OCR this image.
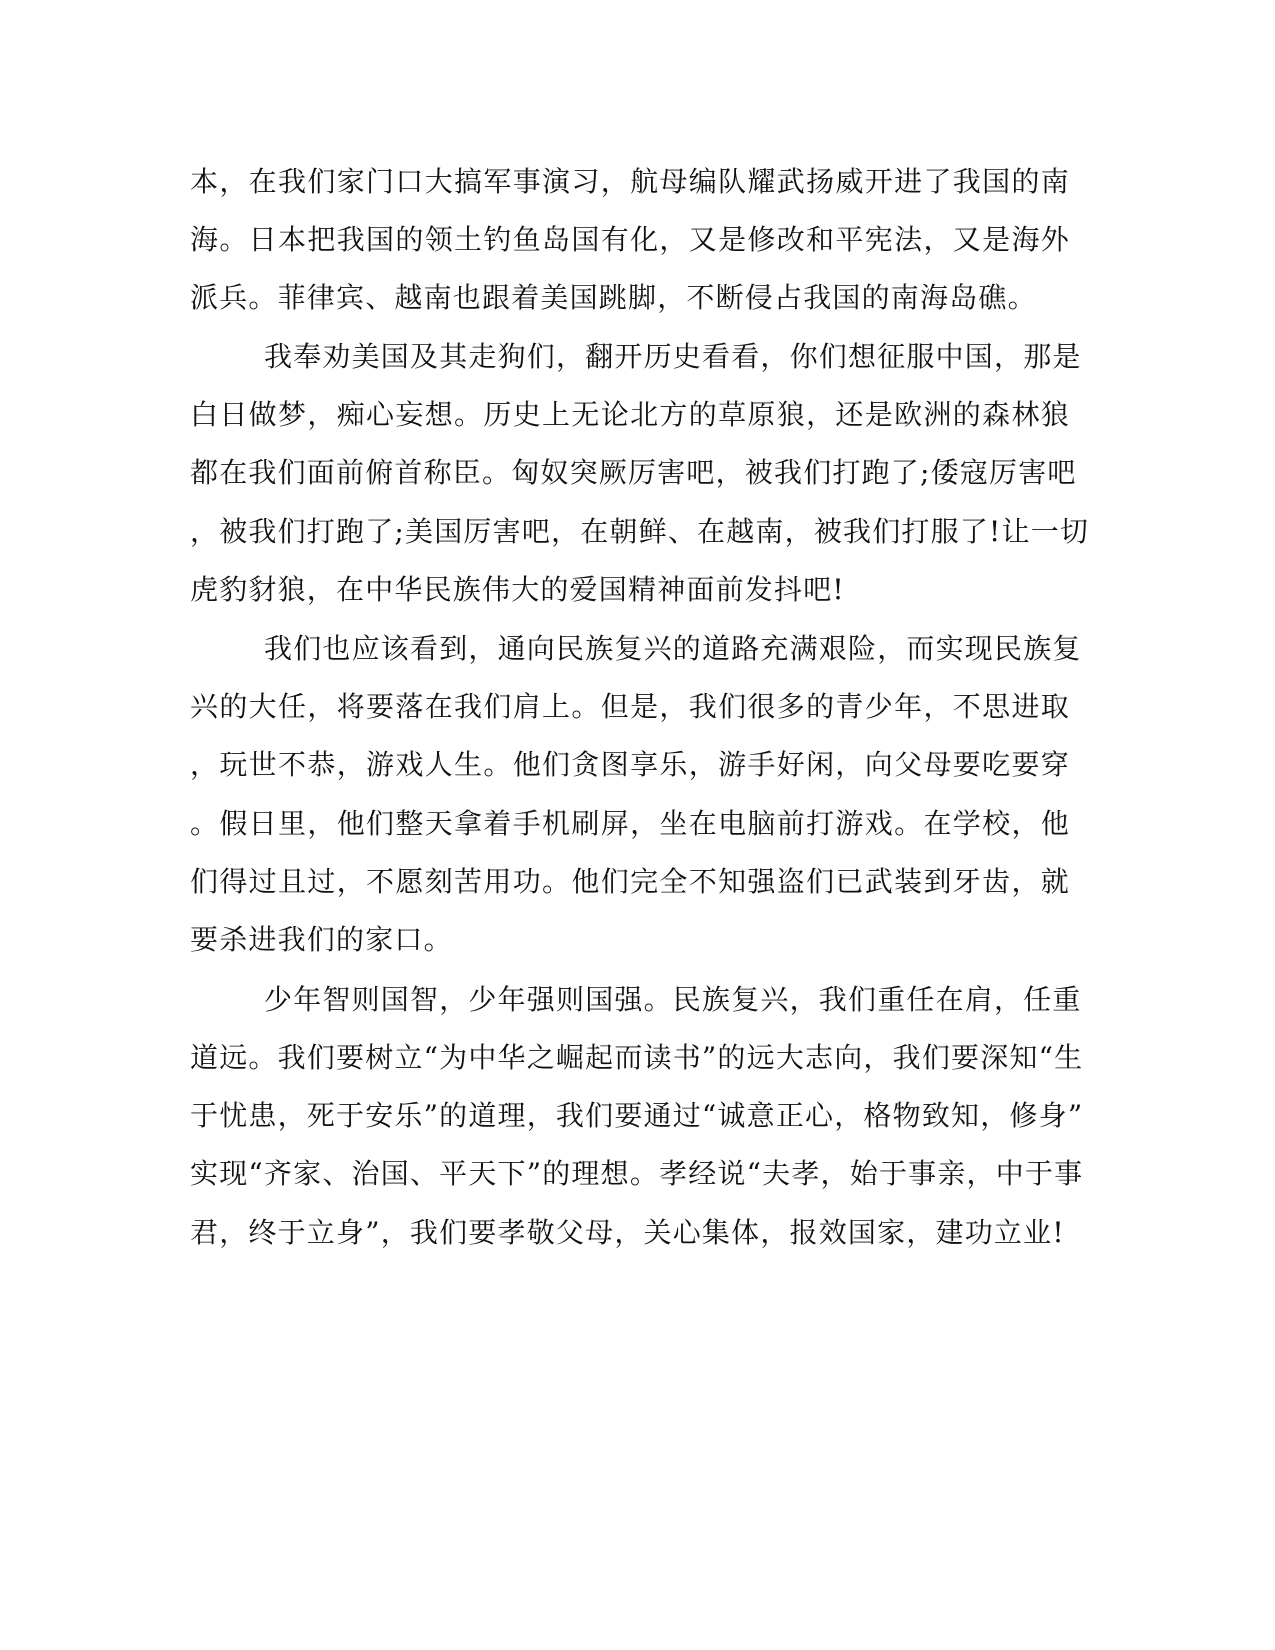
本，在我们家门口大搞军事演习，航母编队耀武扬威开进了我国的南
海。日本把我国的领土钓鱼岛国有化，又是修改和平宪法，又是海外
派兵。菲律宾、越南也跟着美国跳脚，不断侵占我国的南海岛礁。
我奉劝美国及其走狗们，翻开历史看看，你们想征服中国，那是
白日做梦，痴心妄想。历史上无论北方的草原狼，还是欧洲的森林狼
都在我们面前俯首称臣。匈奴突厥厉害吧，被我们打跑了;倭寇厉害吧
，被我们打跑了;美国厉害吧，在朝鲜、在越南，被我们打服了!让一切
虎豹豺狼，在中华民族伟大的爱国精神面前发抖吧!
我们也应该看到，通向民族复兴的道路充满艰险，而实现民族复
兴的大任，将要落在我们肩上。但是，我们很多的青少年，不思进取
，玩世不恭，游戏人生。他们贪图享乐，游手好闲，向父母要吃要穿
。假日里，他们整天拿着手机刷屏，坐在电脑前打游戏。在学校，他
们得过且过，不愿刻苦用功。他们完全不知强盗们已武装到牙齿，就
要杀进我们的家口。
少年智则国智，少年强则国强。民族复兴，我们重任在肩，任重
道远。我们要树立“为中华之崛起而读书”的远大志向，我们要深知“生
于忧患，死于安乐”的道理，我们要通过“诚意正心，格物致知，修身”
实现“齐家、治国、平天下”的理想。孝经说“夫孝，始于事亲，中于事
君，终于立身”，我们要孝敬父母，关心集体，报效国家，建功立业!
